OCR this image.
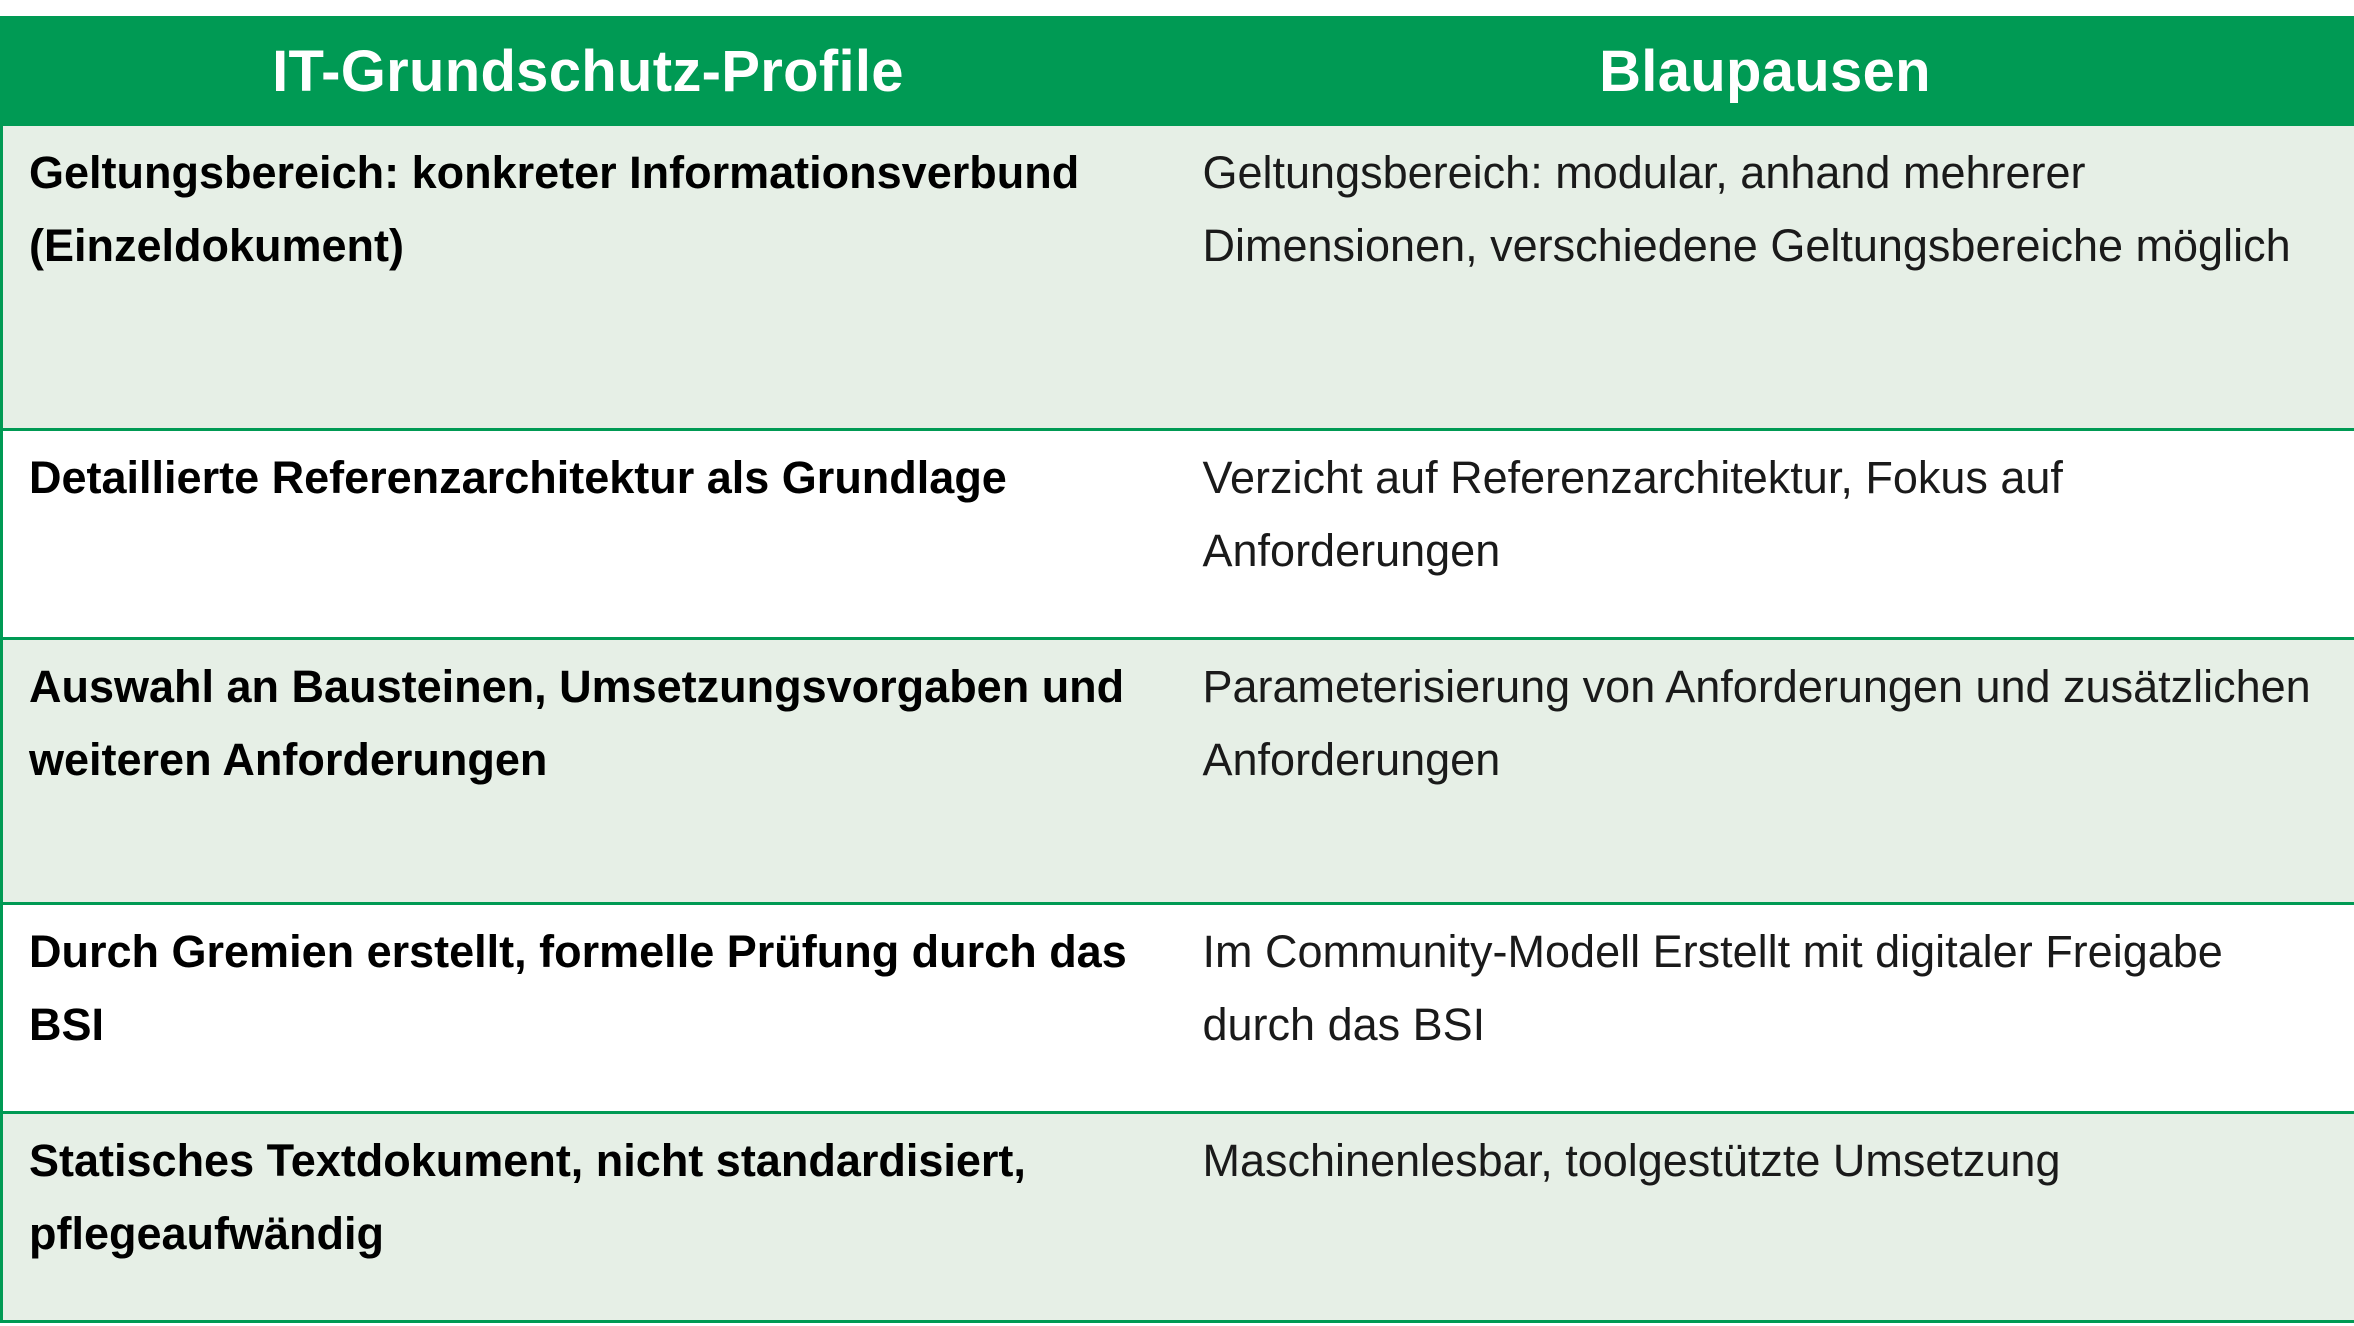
IT-Grundschutz-Profile	Blaupausen
Geltungsbereich: konkreter Informationsverbund (Einzeldokument)	Geltungsbereich: modular, anhand mehrerer Dimensionen, verschiedene Geltungsbereiche möglich
Detaillierte Referenzarchitektur als Grundlage	Verzicht auf Referenzarchitektur, Fokus auf Anforderungen
Auswahl an Bausteinen, Umsetzungsvorgaben und weiteren Anforderungen	Parameterisierung von Anforderungen und zusätzlichen Anforderungen
Durch Gremien erstellt, formelle Prüfung durch das BSI	Im Community-Modell Erstellt mit digitaler Freigabe durch das BSI
Statisches Textdokument, nicht standardisiert, pflegeaufwändig	Maschinenlesbar, toolgestützte Umsetzung
